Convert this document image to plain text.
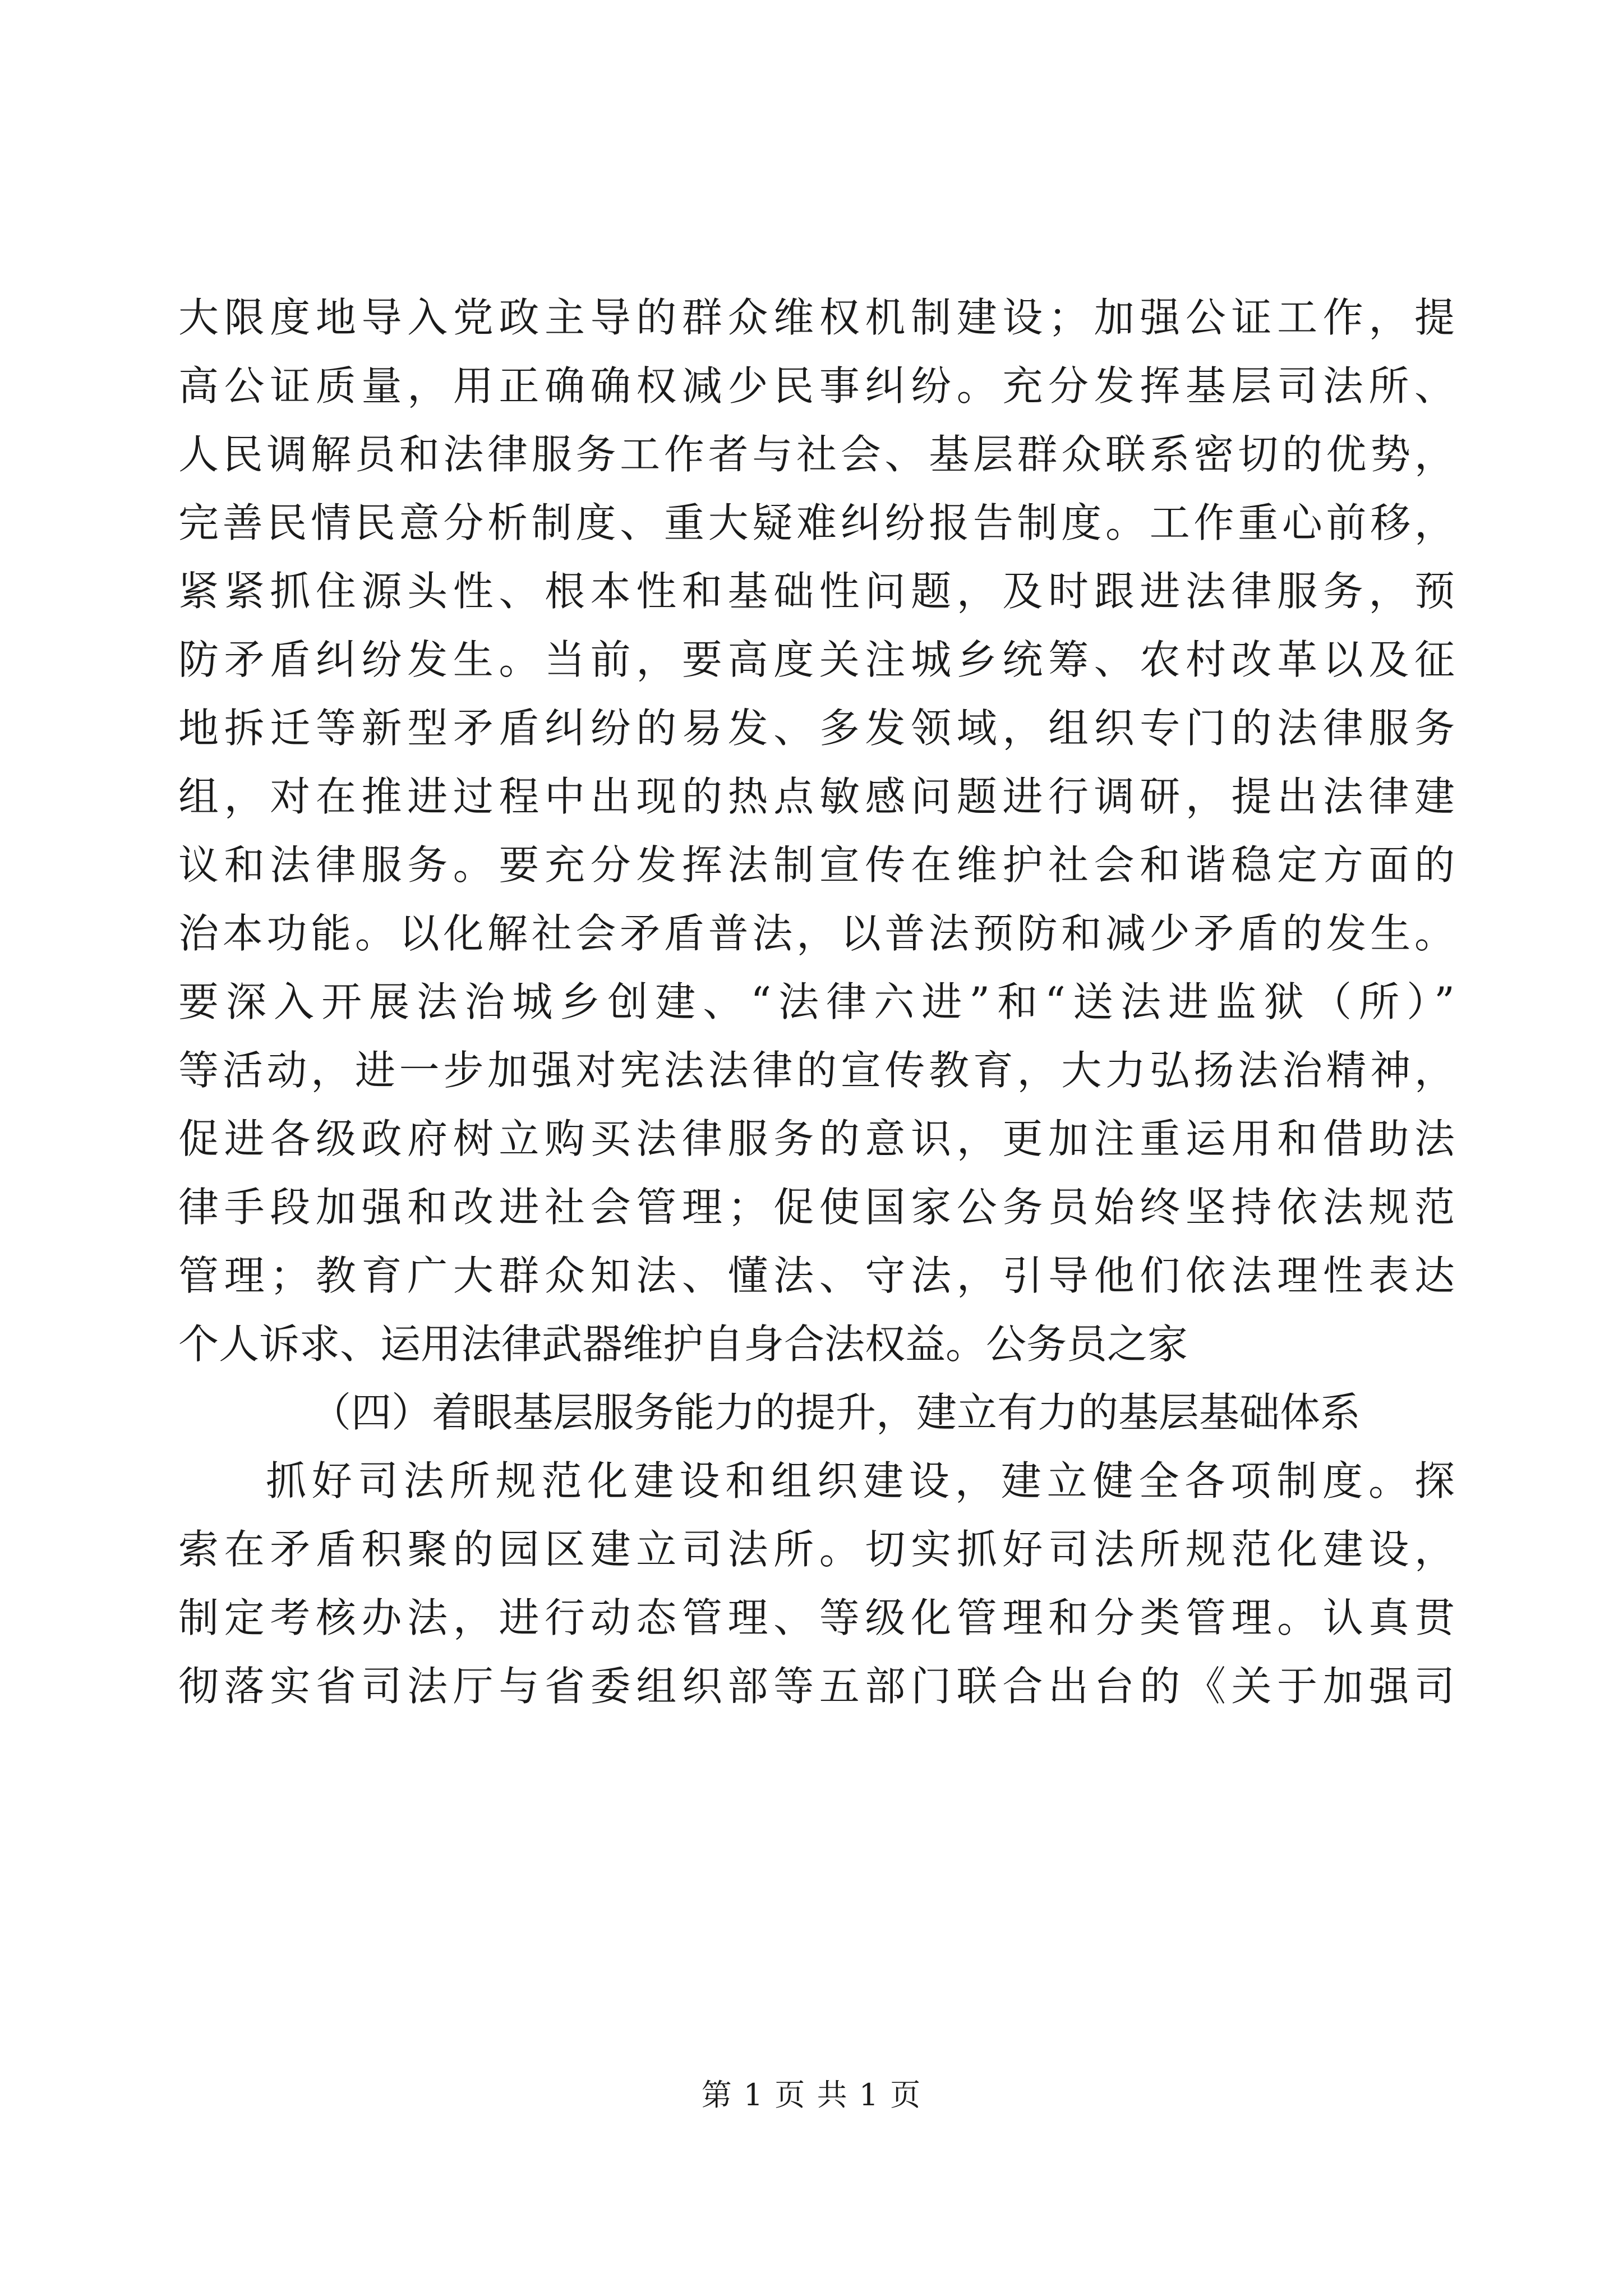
大限度地导入党政主导的群众维权机制建设；加强公证工作，提
高公证质量，用正确确权减少民事纠纷。充分发挥基层司法所、
人民调解员和法律服务工作者与社会、基层群众联系密切的优势，
完善民情民意分析制度、重大疑难纠纷报告制度。工作重心前移，
紧紧抓住源头性、根本性和基础性问题，及时跟进法律服务，预
防矛盾纠纷发生。当前，要高度关注城乡统筹、农村改革以及征
地拆迁等新型矛盾纠纷的易发、多发领域，组织专门的法律服务
组，对在推进过程中出现的热点敏感问题进行调研，提出法律建
议和法律服务。要充分发挥法制宣传在维护社会和谐稳定方面的
治本功能。以化解社会矛盾普法，以普法预防和减少矛盾的发生。
要深入开展法治城乡创建、“法律六进”和“送法进监狱（所）”
等活动，进一步加强对宪法法律的宣传教育，大力弘扬法治精神，
促进各级政府树立购买法律服务的意识，更加注重运用和借助法
律手段加强和改进社会管理；促使国家公务员始终坚持依法规范
管理；教育广大群众知法、懂法、守法，引导他们依法理性表达
个人诉求、运用法律武器维护自身合法权益。公务员之家
（四）着眼基层服务能力的提升，建立有力的基层基础体系
抓好司法所规范化建设和组织建设，建立健全各项制度。探
索在矛盾积聚的园区建立司法所。切实抓好司法所规范化建设，
制定考核办法，进行动态管理、等级化管理和分类管理。认真贯
彻落实省司法厅与省委组织部等五部门联合出台的《关于加强司
第 1 页 共 1 页
